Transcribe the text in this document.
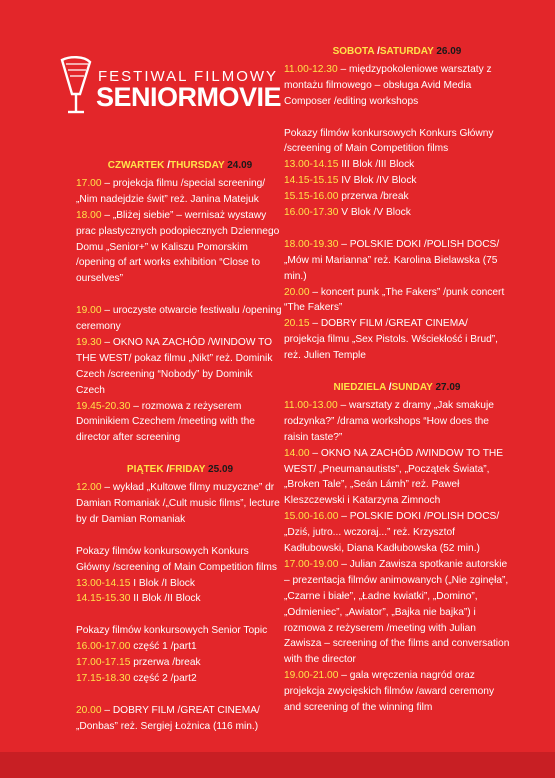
FESTIWAL FILMOWY
SENIORMOVIE
CZWARTEK /THURSDAY 24.09

17.00 – projekcja filmu /special screening/ „Nim nadejdzie świt” reż. Janina Matejuk

18.00 – „Bliżej siebie” – wernisaż wystawy prac plastycznych podopiecznych Dziennego Domu „Senior+” w Kaliszu Pomorskim /opening of art works exhibition “Close to ourselves”

19.00 – uroczyste otwarcie festiwalu /opening ceremony

19.30 – OKNO NA ZACHÓD /WINDOW TO THE WEST/ pokaz filmu „Nikt” reż. Dominik Czech /screening “Nobody” by Dominik Czech

19.45-20.30 – rozmowa z reżyserem Dominikiem Czechem /meeting with the director after screening

PIĄTEK /FRIDAY 25.09

12.00 – wykład „Kultowe filmy muzyczne” dr Damian Romaniak /„Cult music films”, lecture by dr Damian Romaniak

Pokazy filmów konkursowych Konkurs Główny /screening of Main Competition films

13.00-14.15 I Blok /I Block

14.15-15.30 II Blok /II Block

Pokazy filmów konkursowych Senior Topic

16.00-17.00 część 1 /part1

17.00-17.15 przerwa /break

17.15-18.30 część 2 /part2

20.00 – DOBRY FILM /GREAT CINEMA/ „Donbas” reż. Sergiej Łożnica (116 min.)

SOBOTA /SATURDAY 26.09

11.00-12.30 – międzypokoleniowe warsztaty z montażu filmowego – obsługa Avid Media Composer /editing workshops

Pokazy filmów konkursowych Konkurs Główny /screening of Main Competition films

13.00-14.15 III Blok /III Block

14.15-15.15 IV Blok /IV Block

15.15-16.00 przerwa /break

16.00-17.30 V Blok /V Block

18.00-19.30 – POLSKIE DOKI /POLISH DOCS/ „Mów mi Marianna” reż. Karolina Bielawska (75 min.)

20.00 – koncert punk „The Fakers” /punk concert “The Fakers”

20.15 – DOBRY FILM /GREAT CINEMA/ projekcja filmu „Sex Pistols. Wściekłość i Brud”, reż. Julien Temple

NIEDZIELA /SUNDAY 27.09

11.00-13.00 – warsztaty z dramy „Jak smakuje rodzynka?” /drama workshops “How does the raisin taste?”

14.00 – OKNO NA ZACHÓD /WINDOW TO THE WEST/ „Pneumanautists”, „Początek Świata”, „Broken Tale”, „Seán Lámh” reż. Paweł Kleszczewski i Katarzyna Zimnoch

15.00-16.00 – POLSKIE DOKI /POLISH DOCS/ „Dziś, jutro... wczoraj...” reż. Krzysztof Kadłubowski, Diana Kadłubowska (52 min.)

17.00-19.00 – Julian Zawisza spotkanie autorskie – prezentacja filmów animowanych („Nie zginęła”, „Czarne i białe”, „Ładne kwiatki”, „Domino”, „Odmieniec”, „Awiator”, „Bajka nie bajka”) i rozmowa z reżyserem /meeting with Julian Zawisza – screening of the films and conversation with the director

19.00-21.00 – gala wręczenia nagród oraz projekcja zwycięskich filmów /award ceremony and screening of the winning film
